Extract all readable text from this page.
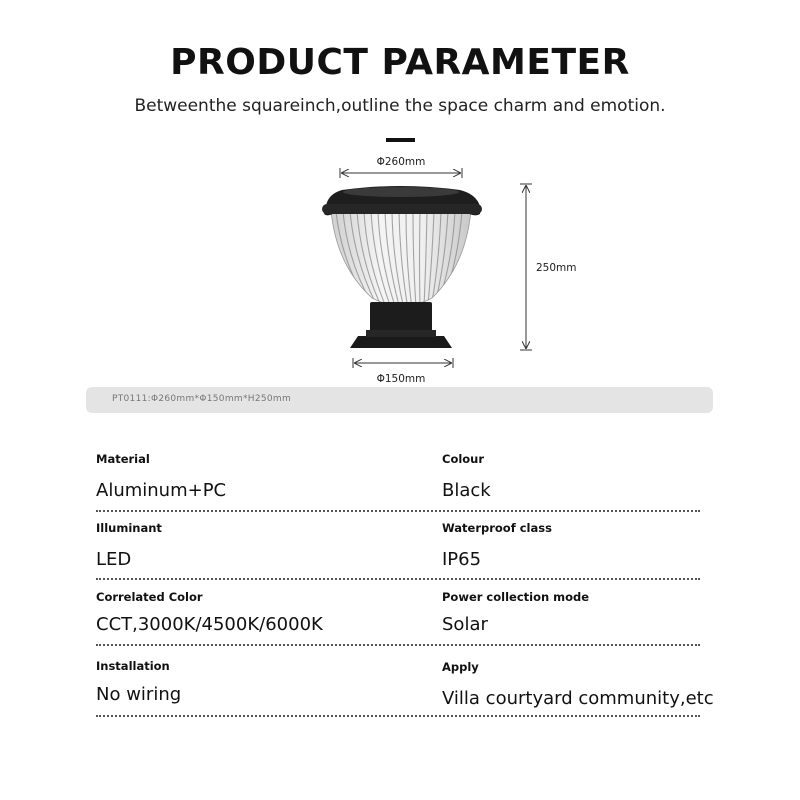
PRODUCT PARAMETER
Betweenthe squareinch,outline the space charm and emotion.
Φ260mm
250mm
Φ150mm
PT0111:Φ260mm*Φ150mm*H250mm
Material
Aluminum+PC
Colour
Black
Illuminant
LED
Waterproof class
IP65
Correlated Color
CCT,3000K/4500K/6000K
Power collection mode
Solar
Installation
No wiring
Apply
Villa courtyard community,etc
